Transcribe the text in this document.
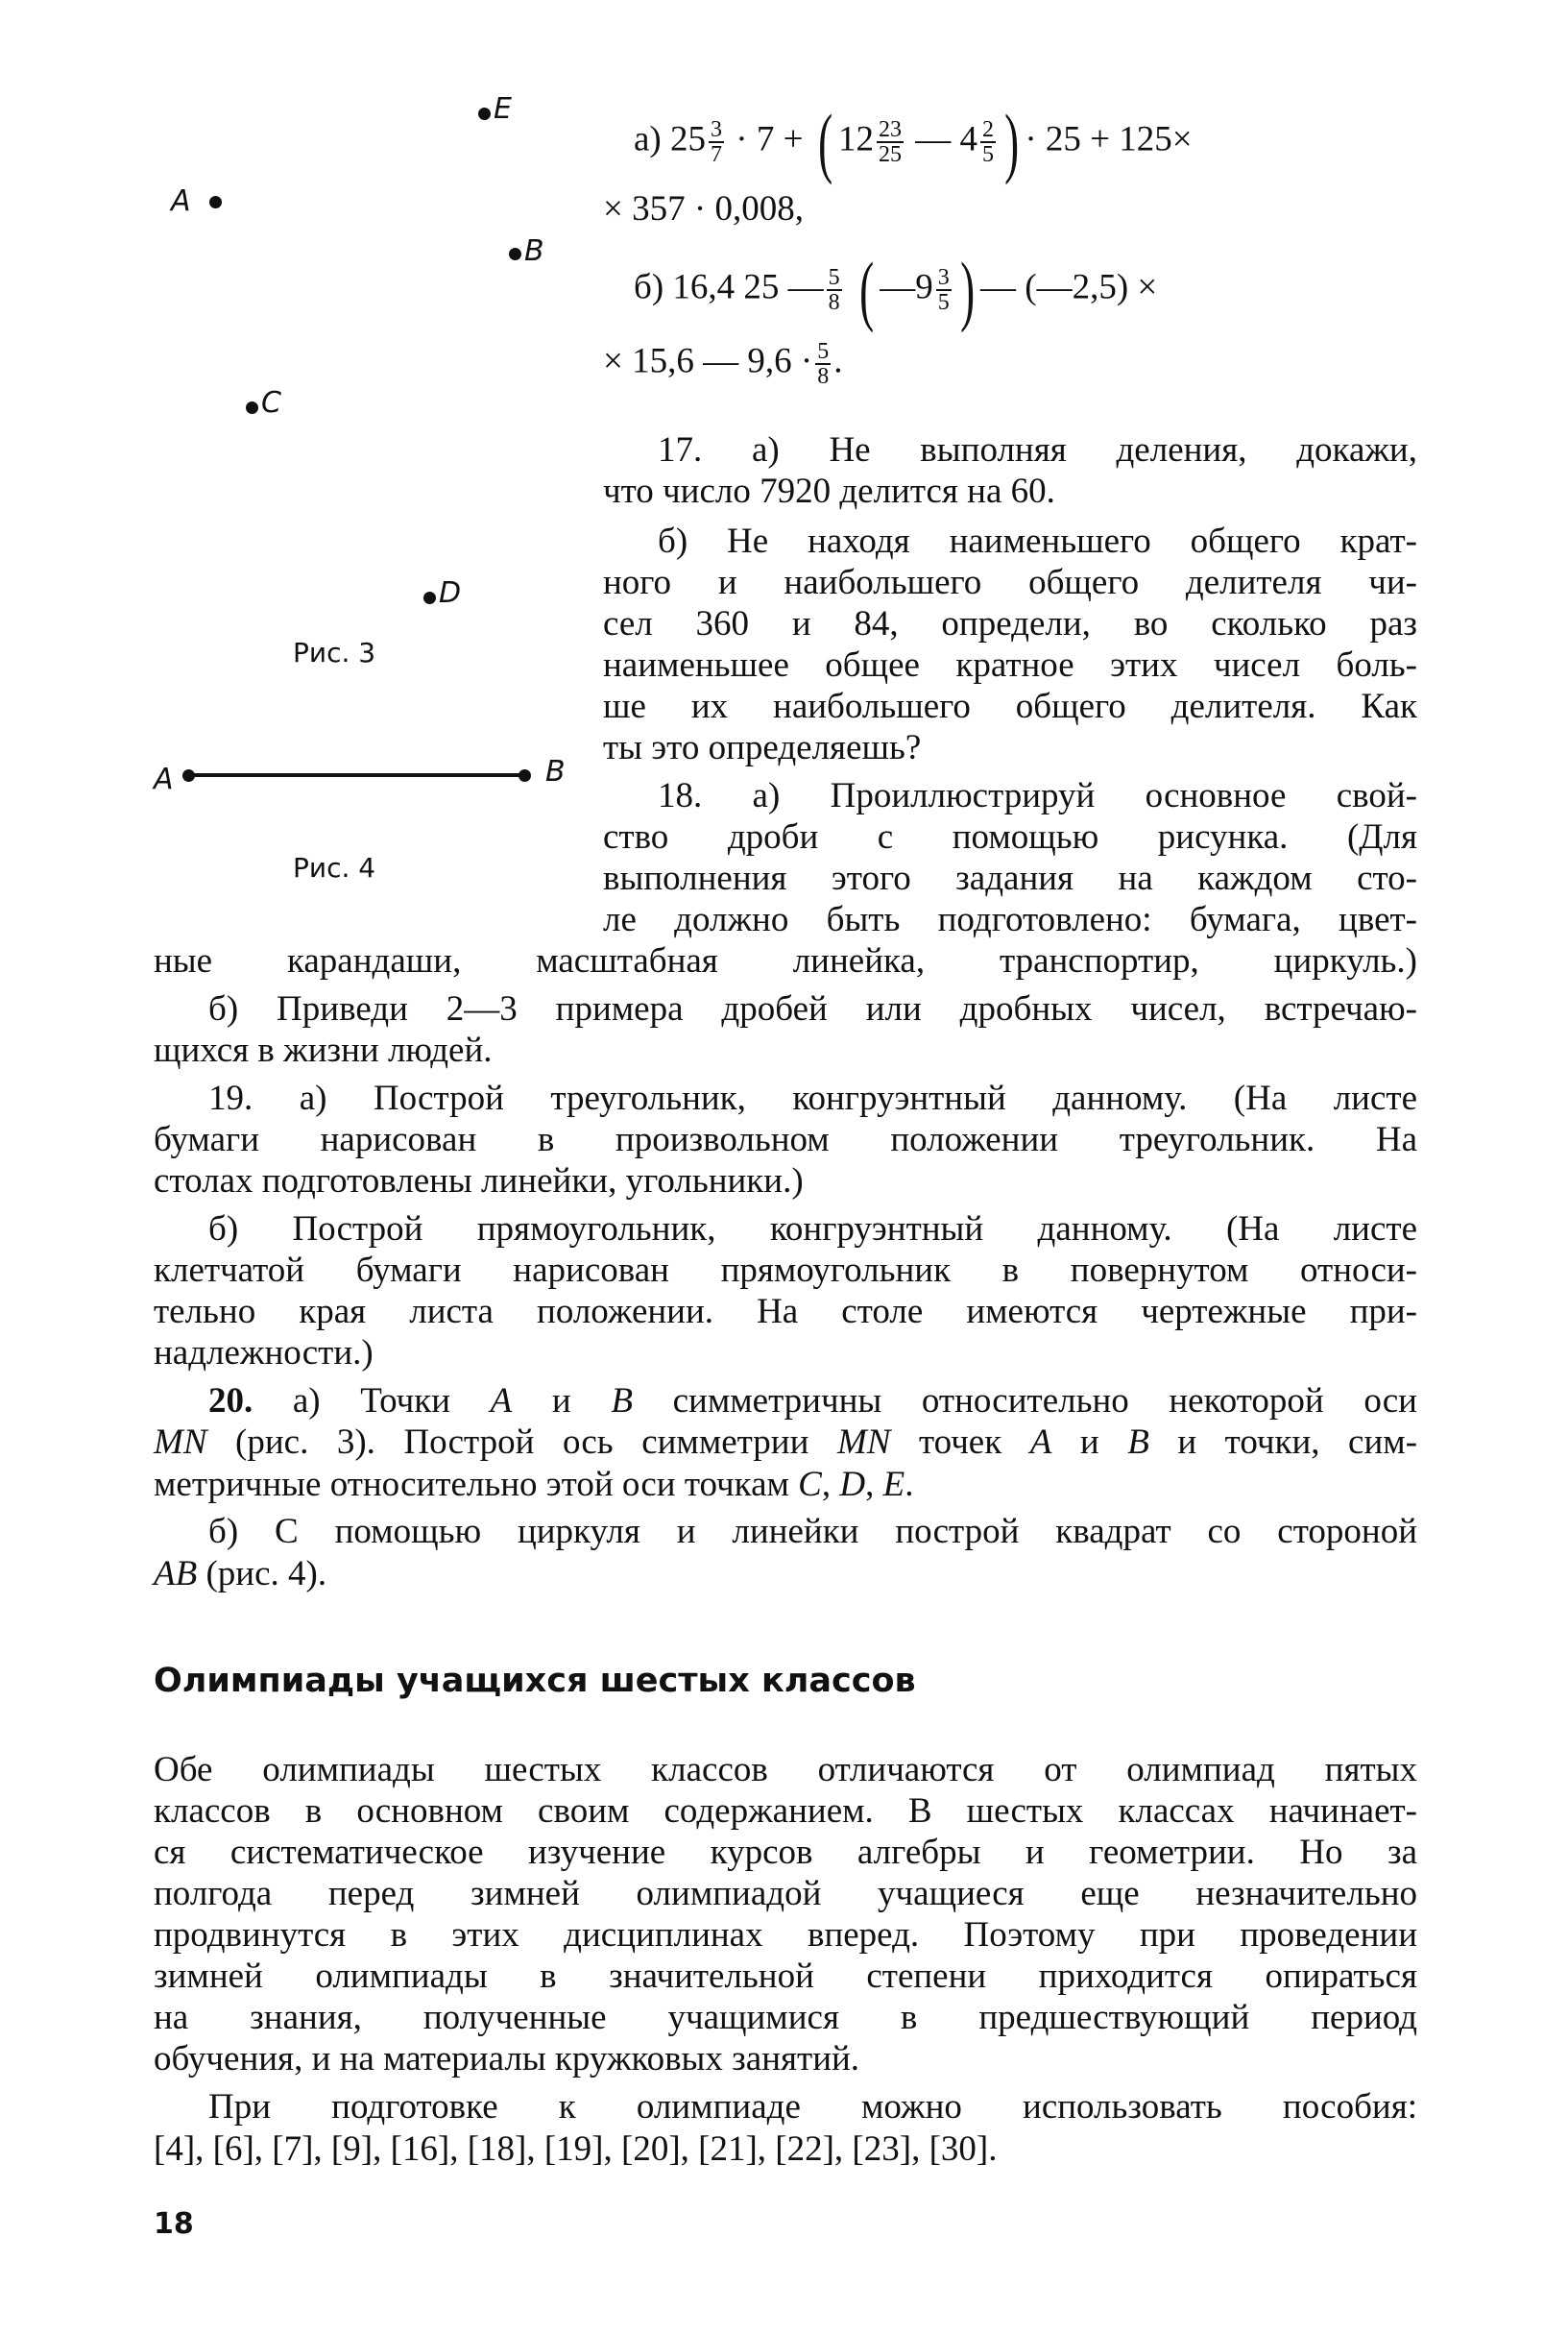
E
A
B
C
D
Рис. 3
A	B
Рис. 4
а) $25 \frac{3}{7} \cdot 7$ + ( $12 \frac{23}{25}$ — $4 \frac{2}{5}$ ) · 25 + 125×
× 357 · 0,008,
б) 16,4 25 — $\frac{5}{8}$ ( —9 $\frac{3}{5}$ ) — (—2,5) ×
× 15,6 — $9,6 \cdot \frac{5}{8}$ .
17. а) Не выполняя деления, докажи,
что число 7920 делится на 60.
б) Не находя наименьшего общего крат-
ного и наибольшего общего делителя чи-
сел 360 и 84, определи, во сколько раз
наименьшее общее кратное этих чисел боль-
ше их наибольшего общего делителя. Как
ты это определяешь?
18. а) Проиллюстрируй основное свой-
ство дроби с помощью рисунка. (Для
выполнения этого задания на каждом сто-
ле должно быть подготовлено: бумага, цвет-
ные карандаши, масштабная линейка, транспортир, циркуль.)
б) Приведи 2—3 примера дробей или дробных чисел, встречаю-
щихся в жизни людей.
19. а) Построй треугольник, конгруэнтный данному. (На листе
бумаги нарисован в произвольном положении треугольник. На
столах подготовлены линейки, угольники.)
б) Построй прямоугольник, конгруэнтный данному. (На листе
клетчатой бумаги нарисован прямоугольник в повернутом относи-
тельно края листа положении. На столе имеются чертежные при-
надлежности.)
20. а) Точки A и B симметричны относительно некоторой оси
MN (рис. 3). Построй ось симметрии MN точек A и B и точки, сим-
метричные относительно этой оси точкам C, D, E.
б) С помощью циркуля и линейки построй квадрат со стороной
AB (рис. 4).
Олимпиады учащихся шестых классов
Обе олимпиады шестых классов отличаются от олимпиад пятых
классов в основном своим содержанием. В шестых классах начинает-
ся систематическое изучение курсов алгебры и геометрии. Но за
полгода перед зимней олимпиадой учащиеся еще незначительно
продвинутся в этих дисциплинах вперед. Поэтому при проведении
зимней олимпиады в значительной степени приходится опираться
на знания, полученные учащимися в предшествующий период
обучения, и на материалы кружковых занятий.
При подготовке к олимпиаде можно использовать пособия:
[4], [6], [7], [9], [16], [18], [19], [20], [21], [22], [23], [30].
18
